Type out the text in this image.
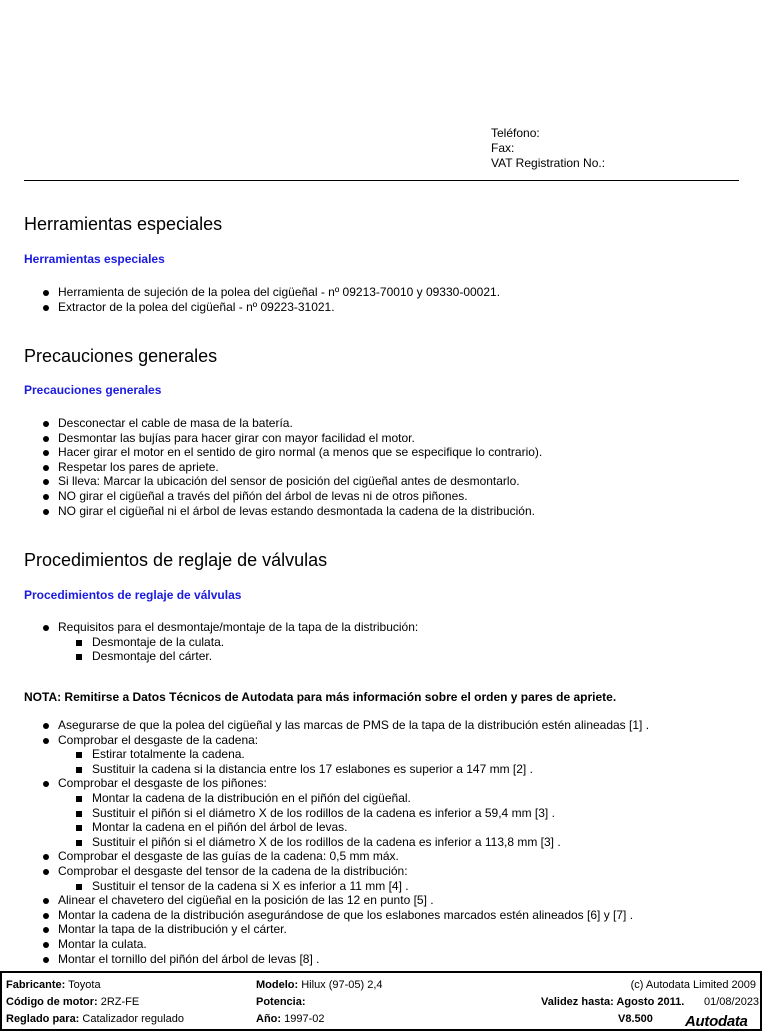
Teléfono:
Fax:
VAT Registration No.:
Herramientas especiales
Herramientas especiales
Herramienta de sujeción de la polea del cigüeñal - nº 09213-70010 y 09330-00021.
Extractor de la polea del cigüeñal - nº 09223-31021.
Precauciones generales
Precauciones generales
Desconectar el cable de masa de la batería.
Desmontar las bujías para hacer girar con mayor facilidad el motor.
Hacer girar el motor en el sentido de giro normal (a menos que se especifique lo contrario).
Respetar los pares de apriete.
Si lleva: Marcar la ubicación del sensor de posición del cigüeñal antes de desmontarlo.
NO girar el cigüeñal a través del piñón del árbol de levas ni de otros piñones.
NO girar el cigüeñal ni el árbol de levas estando desmontada la cadena de la distribución.
Procedimientos de reglaje de válvulas
Procedimientos de reglaje de válvulas
Requisitos para el desmontaje/montaje de la tapa de la distribución:
Desmontaje de la culata.
Desmontaje del cárter.
NOTA: Remitirse a Datos Técnicos de Autodata para más información sobre el orden y pares de apriete.
Asegurarse de que la polea del cigüeñal y las marcas de PMS de la tapa de la distribución estén alineadas [1] .
Comprobar el desgaste de la cadena:
Estirar totalmente la cadena.
Sustituir la cadena si la distancia entre los 17 eslabones es superior a 147 mm [2] .
Comprobar el desgaste de los piñones:
Montar la cadena de la distribución en el piñón del cigüeñal.
Sustituir el piñón si el diámetro X de los rodillos de la cadena es inferior a 59,4 mm [3] .
Montar la cadena en el piñón del árbol de levas.
Sustituir el piñón si el diámetro X de los rodillos de la cadena es inferior a 113,8 mm [3] .
Comprobar el desgaste de las guías de la cadena: 0,5 mm máx.
Comprobar el desgaste del tensor de la cadena de la distribución:
Sustituir el tensor de la cadena si X es inferior a 11 mm [4] .
Alinear el chavetero del cigüeñal en la posición de las 12 en punto [5] .
Montar la cadena de la distribución asegurándose de que los eslabones marcados estén alineados [6] y [7] .
Montar la tapa de la distribución y el cárter.
Montar la culata.
Montar el tornillo del piñón del árbol de levas [8] .
Fabricante: Toyota
Código de motor: 2RZ-FE
Reglado para: Catalizador regulado
Modelo: Hilux (97-05) 2,4
Potencia:
Año: 1997-02
(c) Autodata Limited 2009
Validez hasta: Agosto 2011. 01/08/2023
V8.500 Autodata
